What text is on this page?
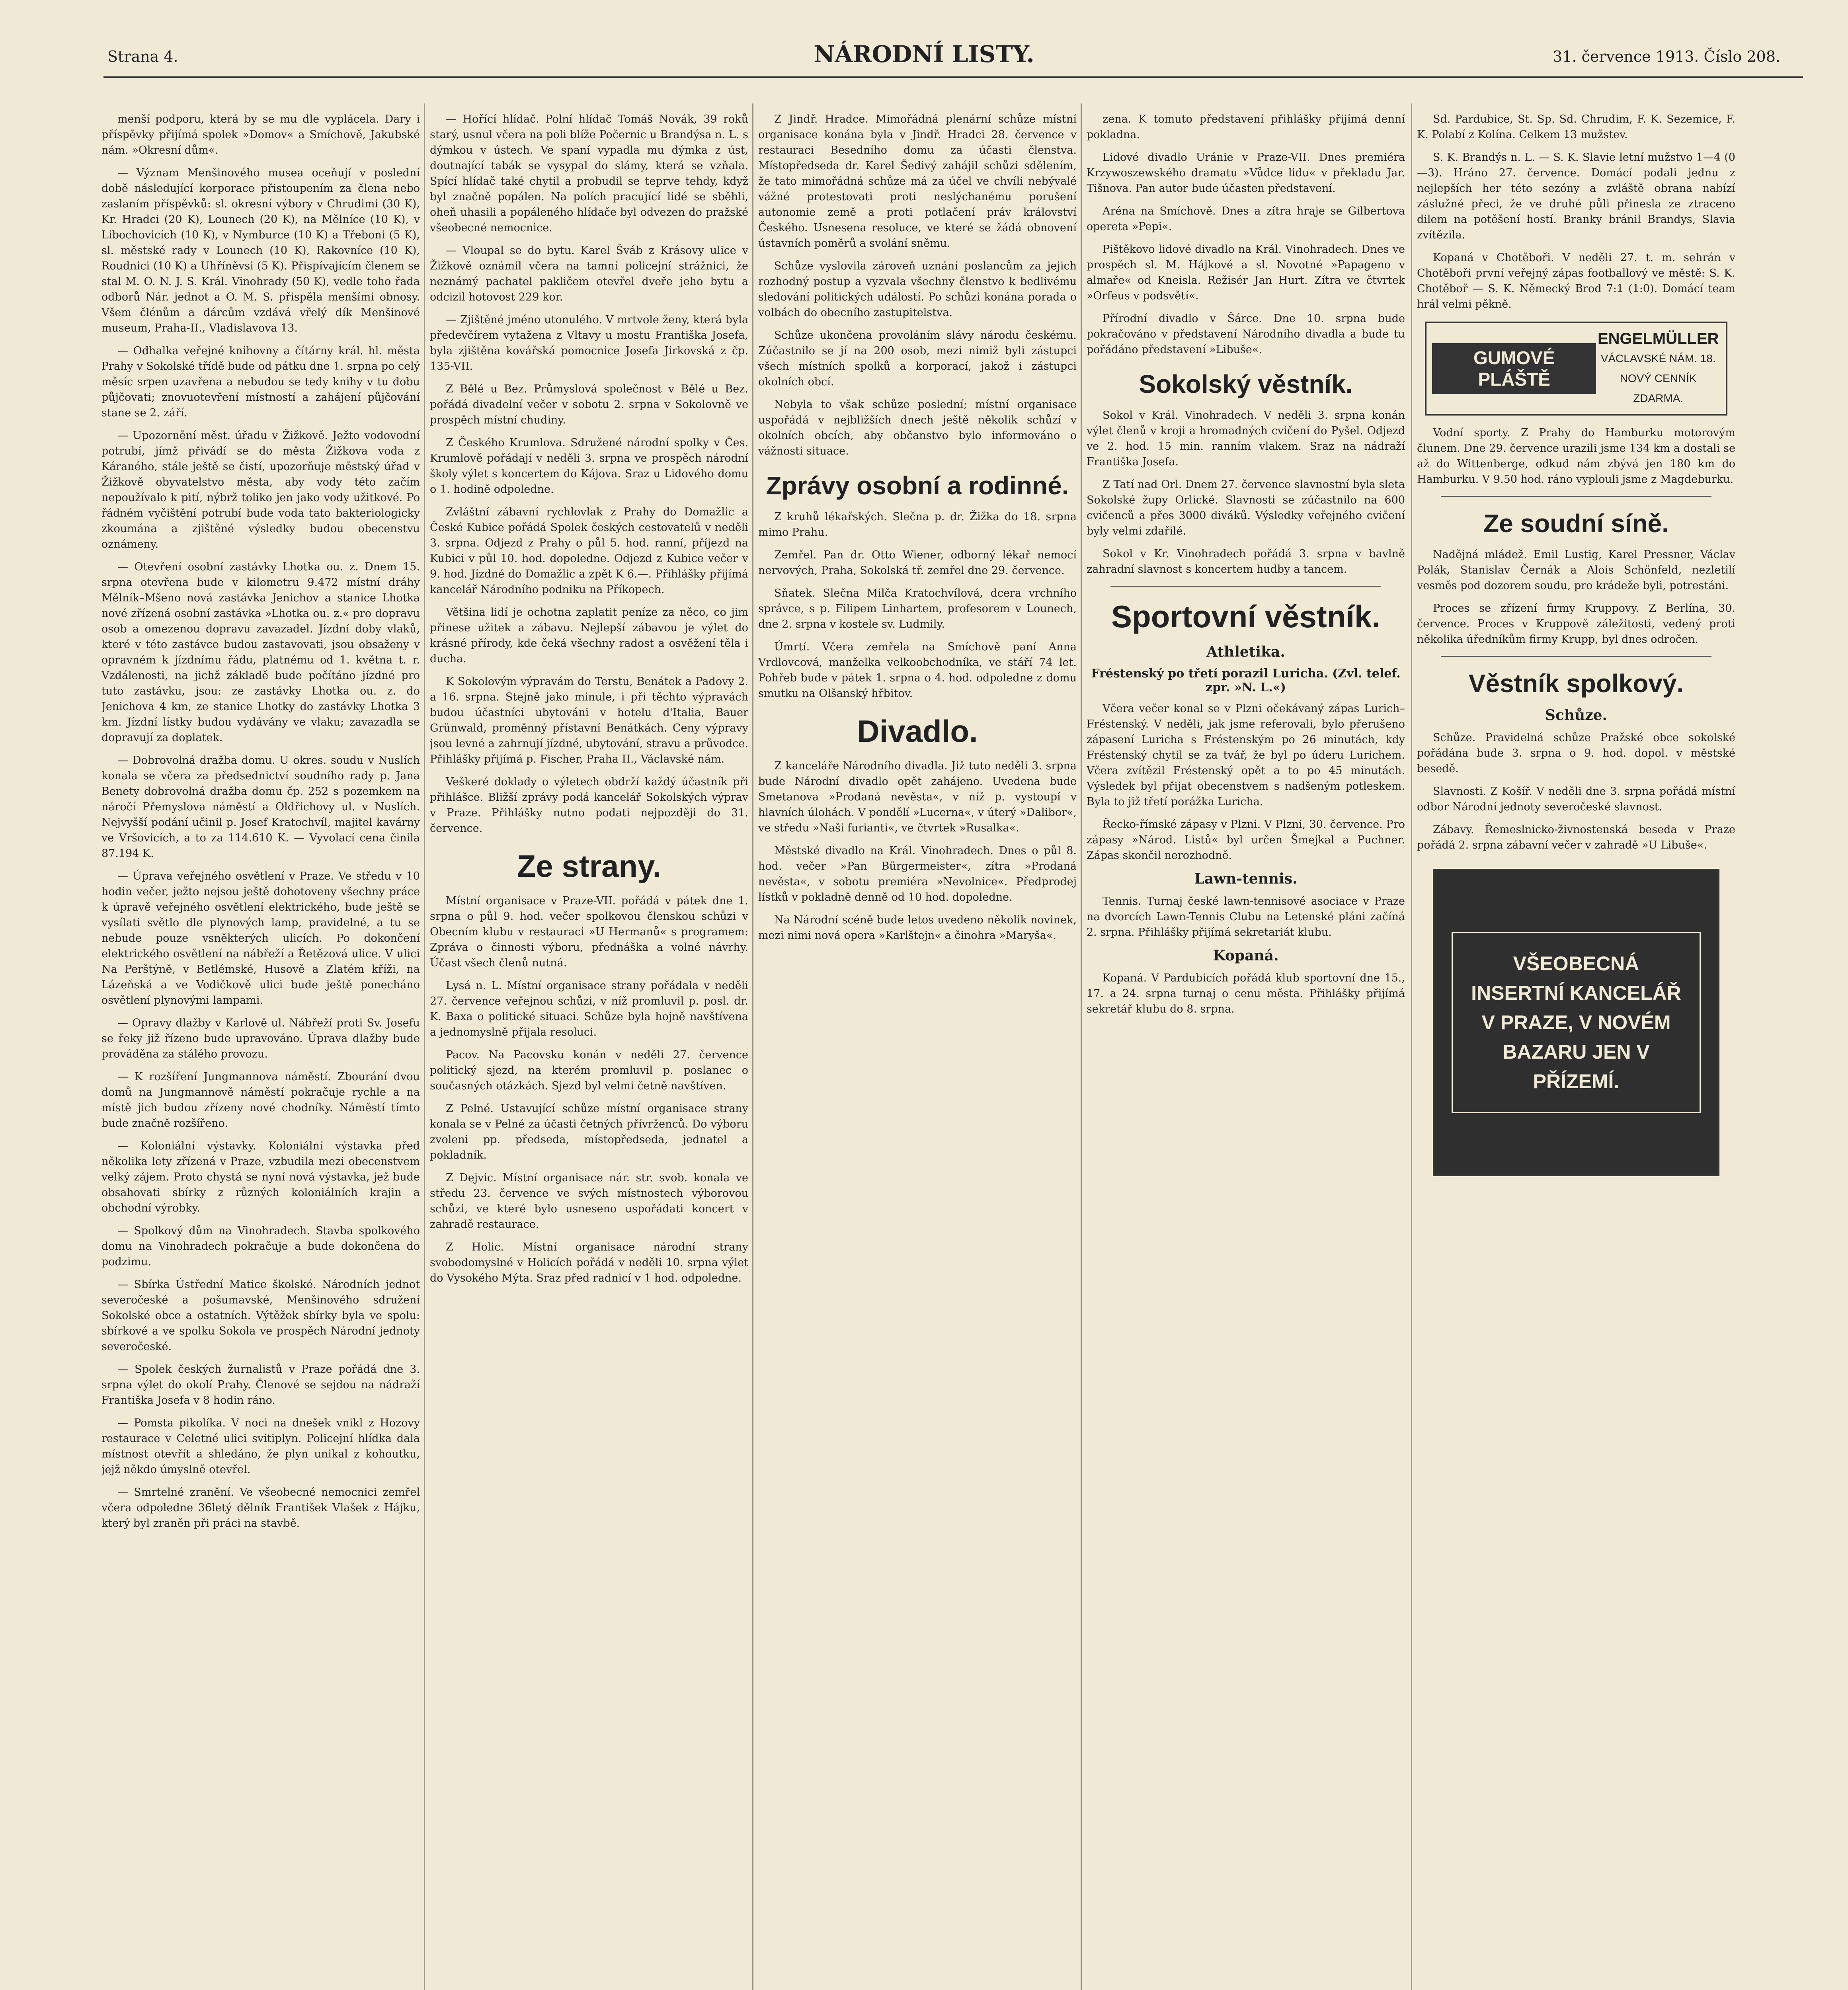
Strana 4.	NÁRODNÍ LISTY.	31. července 1913. Číslo 208.

menší podporu, která by se mu dle vyplácela. Dary i příspěvky přijímá spolek »Domov« a Smíchově, Jakubské nám. »Okresní dům«.

— Význam Menšinového musea oceňují v poslední době následující korporace přistoupením za člena nebo zaslaním příspěvků: sl. okresní výbory v Chrudimi (30 K), Kr. Hradci (20 K), Lounech (20 K), na Mělníce (10 K), v Libochovicích (10 K), v Nymburce (10 K) a Třeboni (5 K), sl. městské rady v Lounech (10 K), Rakovníce (10 K), Roudnici (10 K) a Uhříněvsi (5 K). Přispívajícím členem se stal M. O. N. J. S. Král. Vinohrady (50 K), vedle toho řada odborů Nár. jednot a O. M. S. přispěla menšími obnosy. Všem člénům a dárcům vzdává vřelý dík Menšinové museum, Praha-II., Vladislavova 13.

— Odhalka veřejné knihovny a čítárny král. hl. města Prahy v Sokolské třídě bude od pátku dne 1. srpna po celý měsíc srpen uzavřena a nebudou se tedy knihy v tu dobu půjčovati; znovuotevření místností a zahájení půjčování stane se 2. září.

— Upozornění měst. úřadu v Žižkově. Ježto vodovodní potrubí, jímž přivádí se do města Žižkova voda z Káraného, stále ještě se čistí, upozorňuje městský úřad v Žižkově obyvatelstvo města, aby vody této začím nepoužívalo k pití, nýbrž toliko jen jako vody užitkové. Po řádném vyčištění potrubí bude voda tato bakteriologicky zkoumána a zjištěné výsledky budou obecenstvu oznámeny.

— Otevření osobní zastávky Lhotka ou. z. Dnem 15. srpna otevřena bude v kilometru 9.472 místní dráhy Mělník–Mšeno nová zastávka Jenichov a stanice Lhotka nové zřízená osobní zastávka »Lhotka ou. z.« pro dopravu osob a omezenou dopravu zavazadel. Jízdní doby vlaků, které v této zastávce budou zastavovati, jsou obsaženy v opravném k jízdnímu řádu, platnému od 1. května t. r. Vzdálenosti, na jichž základě bude počítáno jízdné pro tuto zastávku, jsou: ze zastávky Lhotka ou. z. do Jenichova 4 km, ze stanice Lhotky do zastávky Lhotka 3 km. Jízdní lístky budou vydávány ve vlaku; zavazadla se dopravují za doplatek.

— Dobrovolná dražba domu. U okres. soudu v Nuslích konala se včera za předsednictví soudního rady p. Jana Benety dobrovolná dražba domu čp. 252 s pozemkem na náročí Přemyslova náměstí a Oldřichovy ul. v Nuslích. Nejvyšší podání učinil p. Josef Kratochvíl, majitel kavárny ve Vršovicích, a to za 114.610 K. — Vyvolací cena činila 87.194 K.

— Úprava veřejného osvětlení v Praze. Ve středu v 10 hodin večer, ježto nejsou ještě dohotoveny všechny práce k úpravě veřejného osvětlení elektrického, bude ještě se vysílati světlo dle plynových lamp, pravidelné, a tu se nebude pouze vsněkterých ulicích. Po dokončení elektrického osvětlení na nábřeží a Řetězová ulice. V ulici Na Perštýně, v Betlémské, Husově a Zlatém kříži, na Lázeňská a ve Vodičkově ulici bude ještě ponecháno osvětlení plynovými lampami.

— Opravy dlažby v Karlově ul. Nábřeží proti Sv. Josefu se řeky již řízeno bude upravováno. Úprava dlažby bude prováděna za stálého provozu.

— K rozšíření Jungmannova náměstí. Zbourání dvou domů na Jungmannově náměstí pokračuje rychle a na místě jich budou zřízeny nové chodníky. Náměstí tímto bude značně rozšířeno.

— Koloniální výstavky. Koloniální výstavka před několika lety zřízená v Praze, vzbudila mezi obecenstvem velký zájem. Proto chystá se nyní nová výstavka, jež bude obsahovati sbírky z různých koloniálních krajin a obchodní výrobky.

— Spolkový dům na Vinohradech. Stavba spolkového domu na Vinohradech pokračuje a bude dokončena do podzimu.

— Sbírka Ústřední Matice školské. Národních jednot severočeské a pošumavské, Menšinového sdružení Sokolské obce a ostatních. Výtěžek sbírky byla ve spolu: sbírkové a ve spolku Sokola ve prospěch Národní jednoty severočeské.

— Spolek českých žurnalistů v Praze pořádá dne 3. srpna výlet do okolí Prahy. Členové se sejdou na nádraží Františka Josefa v 8 hodin ráno.

— Pomsta pikolíka. V noci na dnešek vnikl z Hozovy restaurace v Celetné ulici svitiplyn. Policejní hlídka dala místnost otevřít a shledáno, že plyn unikal z kohoutku, jejž někdo úmyslně otevřel.

— Smrtelné zranění. Ve všeobecné nemocnici zemřel včera odpoledne 36letý dělník František Vlašek z Hájku, který byl zraněn při práci na stavbě.

— Hořící hlídač. Polní hlídač Tomáš Novák, 39 roků starý, usnul včera na poli blíže Počernic u Brandýsa n. L. s dýmkou v ústech. Ve spaní vypadla mu dýmka z úst, doutnající tabák se vysypal do slámy, která se vzňala. Spící hlídač také chytil a probudil se teprve tehdy, když byl značně popálen. Na polích pracující lidé se sběhli, oheň uhasili a popáleného hlídače byl odvezen do pražské všeobecné nemocnice.

— Vloupal se do bytu. Karel Šváb z Krásovy ulice v Žižkově oznámil včera na tamní policejní strážnici, že neznámý pachatel pakličem otevřel dveře jeho bytu a odcizil hotovost 229 kor.

— Zjištěné jméno utonulého. V mrtvole ženy, která byla předevčírem vytažena z Vltavy u mostu Františka Josefa, byla zjištěna kovářská pomocnice Josefa Jirkovská z čp. 135-VII.

Z Bělé u Bez. Průmyslová společnost v Bělé u Bez. pořádá divadelní večer v sobotu 2. srpna v Sokolovně ve prospěch místní chudiny.

Z Českého Krumlova. Sdružené národní spolky v Čes. Krumlově pořádají v neděli 3. srpna ve prospěch národní školy výlet s koncertem do Kájova. Sraz u Lidového domu o 1. hodině odpoledne.

Zvláštní zábavní rychlovlak z Prahy do Domažlic a České Kubice pořádá Spolek českých cestovatelů v neděli 3. srpna. Odjezd z Prahy o půl 5. hod. ranní, příjezd na Kubici v půl 10. hod. dopoledne. Odjezd z Kubice večer v 9. hod. Jízdné do Domažlic a zpět K 6.—. Přihlášky přijímá kancelář Národního podniku na Příkopech.

Většina lidí je ochotna zaplatit peníze za něco, co jim přinese užitek a zábavu. Nejlepší zábavou je výlet do krásné přírody, kde čeká všechny radost a osvěžení těla i ducha.

K Sokolovým výpravám do Terstu, Benátek a Padovy 2. a 16. srpna. Stejně jako minule, i při těchto výpravách budou účastníci ubytováni v hotelu d'Italia, Bauer Grünwald, proměnný přístavní Benátkách. Ceny výpravy jsou levné a zahrnují jízdné, ubytování, stravu a průvodce. Přihlášky přijímá p. Fischer, Praha II., Václavské nám.

Veškeré doklady o výletech obdrží každý účastník při přihlášce. Bližší zprávy podá kancelář Sokolských výprav v Praze. Přihlášky nutno podati nejpozději do 31. července.

Ze strany.

Místní organisace v Praze-VII. pořádá v pátek dne 1. srpna o půl 9. hod. večer spolkovou členskou schůzi v Obecním klubu v restauraci »U Hermanů« s programem: Zpráva o činnosti výboru, přednáška a volné návrhy. Účast všech členů nutná.

Lysá n. L. Místní organisace strany pořádala v neděli 27. července veřejnou schůzi, v níž promluvil p. posl. dr. K. Baxa o politické situaci. Schůze byla hojně navštívena a jednomyslně přijala resoluci.

Pacov. Na Pacovsku konán v neděli 27. července politický sjezd, na kterém promluvil p. poslanec o současných otázkách. Sjezd byl velmi četně navštíven.

Z Pelné. Ustavující schůze místní organisace strany konala se v Pelné za účasti četných přívrženců. Do výboru zvoleni pp. předseda, místopředseda, jednatel a pokladník.

Z Dejvic. Místní organisace nár. str. svob. konala ve středu 23. července ve svých místnostech výborovou schůzi, ve které bylo usneseno uspořádati koncert v zahradě restaurace.

Z Holic. Místní organisace národní strany svobodomyslné v Holicích pořádá v neděli 10. srpna výlet do Vysokého Mýta. Sraz před radnicí v 1 hod. odpoledne.

Z Jindř. Hradce. Mimořádná plenární schůze místní organisace konána byla v Jindř. Hradci 28. července v restauraci Besedního domu za účasti členstva. Místopředseda dr. Karel Šedivý zahájil schůzi sdělením, že tato mimořádná schůze má za účel ve chvíli nebývalé vážné protestovati proti neslýchanému porušení autonomie země a proti potlačení práv království Českého. Usnesena resoluce, ve které se žádá obnovení ústavních poměrů a svolání sněmu.

Schůze vyslovila zároveň uznání poslancům za jejich rozhodný postup a vyzvala všechny členstvo k bedlivému sledování politických událostí. Po schůzi konána porada o volbách do obecního zastupitelstva.

Schůze ukončena provoláním slávy národu českému. Zúčastnilo se jí na 200 osob, mezi nimiž byli zástupci všech místních spolků a korporací, jakož i zástupci okolních obcí.

Nebyla to však schůze poslední; místní organisace uspořádá v nejbližších dnech ještě několik schůzí v okolních obcích, aby občanstvo bylo informováno o vážnosti situace.

Zprávy osobní a rodinné.

Z kruhů lékařských. Slečna p. dr. Žižka do 18. srpna mimo Prahu.

Zemřel. Pan dr. Otto Wiener, odborný lékař nemocí nervových, Praha, Sokolská tř. zemřel dne 29. července.

Sňatek. Slečna Milča Kratochvílová, dcera vrchního správce, s p. Filipem Linhartem, profesorem v Lounech, dne 2. srpna v kostele sv. Ludmily.

Úmrtí. Včera zemřela na Smíchově paní Anna Vrdlovcová, manželka velkoobchodníka, ve stáří 74 let. Pohřeb bude v pátek 1. srpna o 4. hod. odpoledne z domu smutku na Olšanský hřbitov.

Divadlo.

Z kanceláře Národního divadla. Již tuto neděli 3. srpna bude Národní divadlo opět zahájeno. Uvedena bude Smetanova »Prodaná nevěsta«, v níž p. vystoupí v hlavních úlohách. V pondělí »Lucerna«, v úterý »Dalibor«, ve středu »Naši furianti«, ve čtvrtek »Rusalka«.

Městské divadlo na Král. Vinohradech. Dnes o půl 8. hod. večer »Pan Bürgermeister«, zítra »Prodaná nevěsta«, v sobotu premiéra »Nevolnice«. Předprodej lístků v pokladně denně od 10 hod. dopoledne.

Na Národní scéně bude letos uvedeno několik novinek, mezi nimi nová opera »Karlštejn« a činohra »Maryša«.

zena. K tomuto představení přihlášky přijímá denní pokladna.

Lidové divadlo Uránie v Praze-VII. Dnes premiéra Krzywoszewského dramatu »Vůdce lidu« v překladu Jar. Tišnova. Pan autor bude účasten představení.

Aréna na Smíchově. Dnes a zítra hraje se Gilbertova opereta »Pepi«.

Pištěkovo lidové divadlo na Král. Vinohradech. Dnes ve prospěch sl. M. Hájkové a sl. Novotné »Papageno v almaře« od Kneisla. Režisér Jan Hurt. Zítra ve čtvrtek »Orfeus v podsvětí«.

Přírodní divadlo v Šárce. Dne 10. srpna bude pokračováno v představení Národního divadla a bude tu pořádáno představení »Libuše«.

Sokolský věstník.

Sokol v Král. Vinohradech. V neděli 3. srpna konán výlet členů v kroji a hromadných cvičení do Pyšel. Odjezd ve 2. hod. 15 min. ranním vlakem. Sraz na nádraží Františka Josefa.

Z Tatí nad Orl. Dnem 27. července slavnostní byla sleta Sokolské župy Orlické. Slavnosti se zúčastnilo na 600 cvičenců a přes 3000 diváků. Výsledky veřejného cvičení byly velmi zdařilé.

Sokol v Kr. Vinohradech pořádá 3. srpna v bavlně zahradní slavnost s koncertem hudby a tancem.

Sportovní věstník.
Athletika.
Fréstenský po třetí porazil Luricha. (Zvl. telef. zpr. »N. L.«)

Včera večer konal se v Plzni očekávaný zápas Lurich–Fréstenský. V neděli, jak jsme referovali, bylo přerušeno zápasení Luricha s Fréstenským po 26 minutách, kdy Fréstenský chytil se za tvář, že byl po úderu Lurichem. Včera zvítězil Fréstenský opět a to po 45 minutách. Výsledek byl přijat obecenstvem s nadšeným potleskem. Byla to již třetí porážka Luricha.

Řecko-římské zápasy v Plzni. V Plzni, 30. července. Pro zápasy »Národ. Listů« byl určen Šmejkal a Puchner. Zápas skončil nerozhodně.

Lawn-tennis.

Tennis. Turnaj české lawn-tennisové asociace v Praze na dvorcích Lawn-Tennis Clubu na Letenské pláni začíná 2. srpna. Přihlášky přijímá sekretariát klubu.

Kopaná.

Kopaná. V Pardubicích pořádá klub sportovní dne 15., 17. a 24. srpna turnaj o cenu města. Přihlášky přijímá sekretář klubu do 8. srpna.

Sd. Pardubice, St. Sp. Sd. Chrudim, F. K. Sezemice, F. K. Polabí z Kolína. Celkem 13 mužstev.

S. K. Brandýs n. L. — S. K. Slavie letní mužstvo 1—4 (0—3). Hráno 27. července. Domácí podali jednu z nejlepších her této sezóny a zvláště obrana nabízí záslužné přeci, že ve druhé půli přinesla ze ztraceno dilem na potěšení hostí. Branky bránil Brandys, Slavia zvítězila.

Kopaná v Chotěboři. V neděli 27. t. m. sehrán v Chotěboři první veřejný zápas footballový ve městě: S. K. Chotěboř — S. K. Německý Brod 7:1 (1:0). Domácí team hrál velmi pěkně.

GUMOVÉ PLÁŠTĚ
ENGELMÜLLER
VÁCLAVSKÉ NÁM. 18.
NOVÝ CENNÍK ZDARMA.

Vodní sporty. Z Prahy do Hamburku motorovým člunem. Dne 29. července urazili jsme 134 km a dostali se až do Wittenberge, odkud nám zbývá jen 180 km do Hamburku. V 9.50 hod. ráno vyplouli jsme z Magdeburku.

Ze soudní síně.

Nadějná mládež. Emil Lustig, Karel Pressner, Václav Polák, Stanislav Černák a Alois Schönfeld, nezletilí vesměs pod dozorem soudu, pro krádeže byli, potrestáni.

Proces se zřízení firmy Kruppovy. Z Berlína, 30. července. Proces v Kruppově záležitosti, vedený proti několika úředníkům firmy Krupp, byl dnes odročen.

Věstník spolkový.
Schůze.

Schůze. Pravidelná schůze Pražské obce sokolské pořádána bude 3. srpna o 9. hod. dopol. v městské besedě.

Slavnosti. Z Košíř. V neděli dne 3. srpna pořádá místní odbor Národní jednoty severočeské slavnost.

Zábavy. Řemeslnicko-živnostenská beseda v Praze pořádá 2. srpna zábavní večer v zahradě »U Libuše«.

VŠEOBECNÁ INSERTNÍ KANCELÁŘ V PRAZE, V NOVÉM BAZARU JEN V PŘÍZEMÍ.
